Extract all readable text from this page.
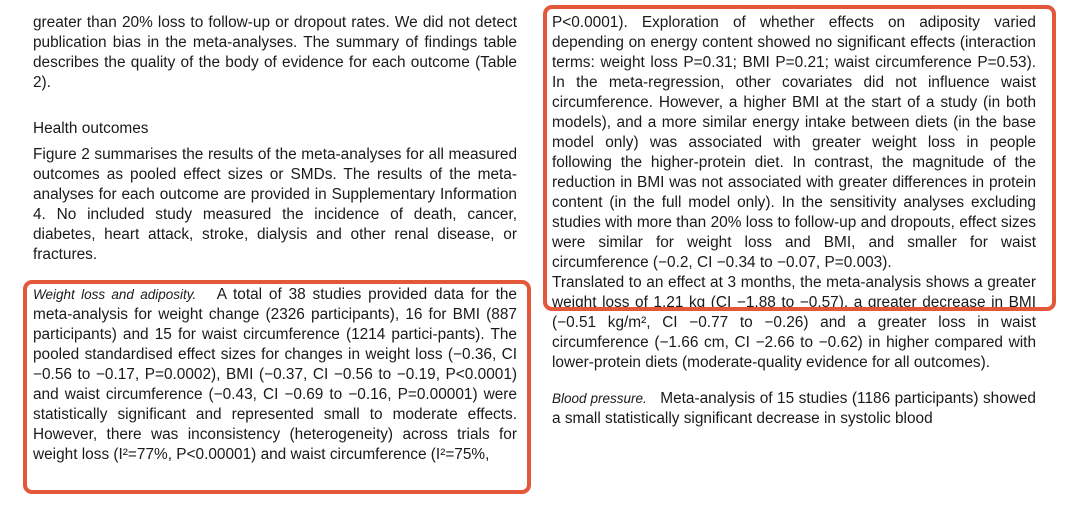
greater than 20% loss to follow-up or dropout rates. We did not detect publication bias in the meta-analyses. The summary of findings table describes the quality of the body of evidence for each outcome (Table 2).

Health outcomes

Figure 2 summarises the results of the meta-analyses for all measured outcomes as pooled effect sizes or SMDs. The results of the meta-analyses for each outcome are provided in Supplementary Information 4. No included study measured the incidence of death, cancer, diabetes, heart attack, stroke, dialysis and other renal disease, or fractures.

Weight loss and adiposity. A total of 38 studies provided data for the meta-analysis for weight change (2326 participants), 16 for BMI (887 participants) and 15 for waist circumference (1214 partici-pants). The pooled standardised effect sizes for changes in weight loss (−0.36, CI −0.56 to −0.17, P=0.0002), BMI (−0.37, CI −0.56 to −0.19, P<0.0001) and waist circumference (−0.43, CI −0.69 to −0.16, P=0.00001) were statistically significant and represented small to moderate effects. However, there was inconsistency (heterogeneity) across trials for weight loss (I²=77%, P<0.00001) and waist circumference (I²=75%,

P<0.0001). Exploration of whether effects on adiposity varied depending on energy content showed no significant effects (interaction terms: weight loss P=0.31; BMI P=0.21; waist circumference P=0.53). In the meta-regression, other covariates did not influence waist circumference. However, a higher BMI at the start of a study (in both models), and a more similar energy intake between diets (in the base model only) was associated with greater weight loss in people following the higher-protein diet. In contrast, the magnitude of the reduction in BMI was not associated with greater differences in protein content (in the full model only). In the sensitivity analyses excluding studies with more than 20% loss to follow-up and dropouts, effect sizes were similar for weight loss and BMI, and smaller for waist circumference (−0.2, CI −0.34 to −0.07, P=0.003).

Translated to an effect at 3 months, the meta-analysis shows a greater weight loss of 1.21 kg (CI −1.88 to −0.57), a greater decrease in BMI (−0.51 kg/m², CI −0.77 to −0.26) and a greater loss in waist circumference (−1.66 cm, CI −2.66 to −0.62) in higher compared with lower-protein diets (moderate-quality evidence for all outcomes).

Blood pressure. Meta-analysis of 15 studies (1186 participants) showed a small statistically significant decrease in systolic blood
